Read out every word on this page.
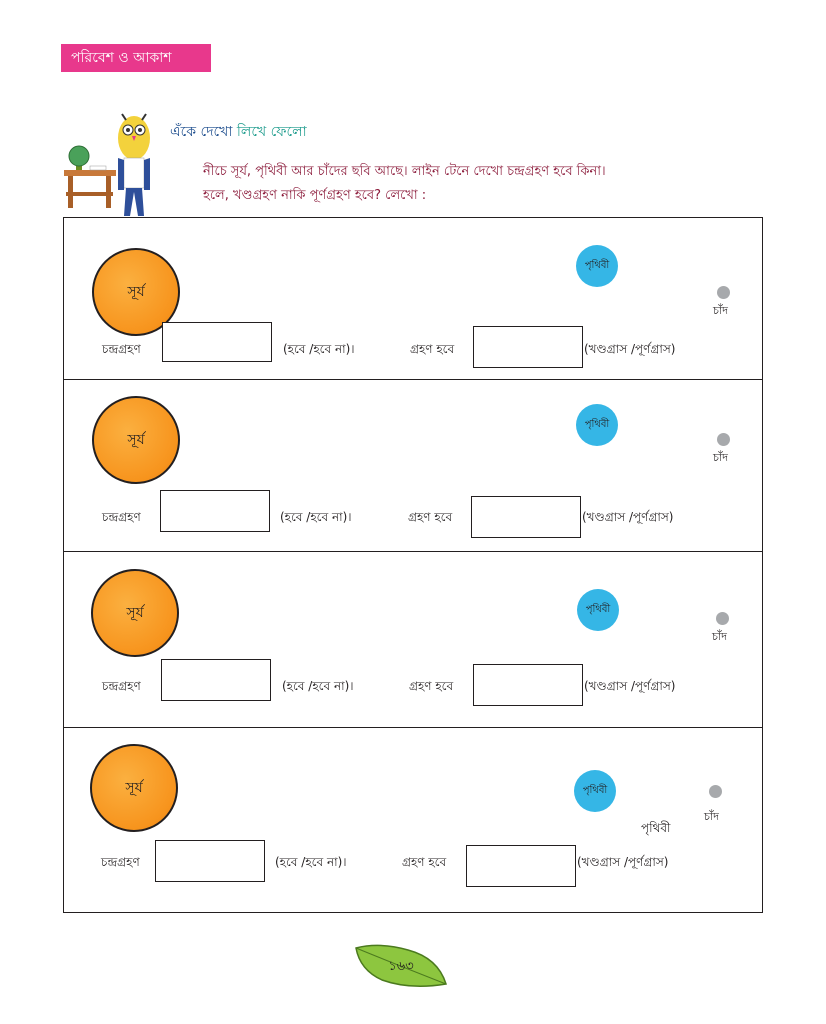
পরিবেশ ও আকাশ
এঁকে দেখো লিখে ফেলো
নীচে সূর্য, পৃথিবী আর চাঁদের ছবি আছে। লাইন টেনে দেখো চন্দ্রগ্রহণ হবে কিনা।
হলে, খণ্ডগ্রহণ নাকি পূর্ণগ্রহণ হবে? লেখো :
সূর্য
পৃথিবী
চাঁদ
চন্দ্রগ্রহণ	(হবে /হবে না)।	গ্রহণ হবে	(খণ্ডগ্রাস /পূর্ণগ্রাস)
সূর্য
পৃথিবী
চাঁদ
চন্দ্রগ্রহণ	(হবে /হবে না)।	গ্রহণ হবে	(খণ্ডগ্রাস /পূর্ণগ্রাস)
সূর্য	পৃথিবী
চাঁদ
চন্দ্রগ্রহণ	(হবে /হবে না)।	গ্রহণ হবে	(খণ্ডগ্রাস /পূর্ণগ্রাস)
সূর্য	পৃথিবী
চাঁদ
পৃথিবী
চন্দ্রগ্রহণ	(হবে /হবে না)।	গ্রহণ হবে	(খণ্ডগ্রাস /পূর্ণগ্রাস)
১৬৩
